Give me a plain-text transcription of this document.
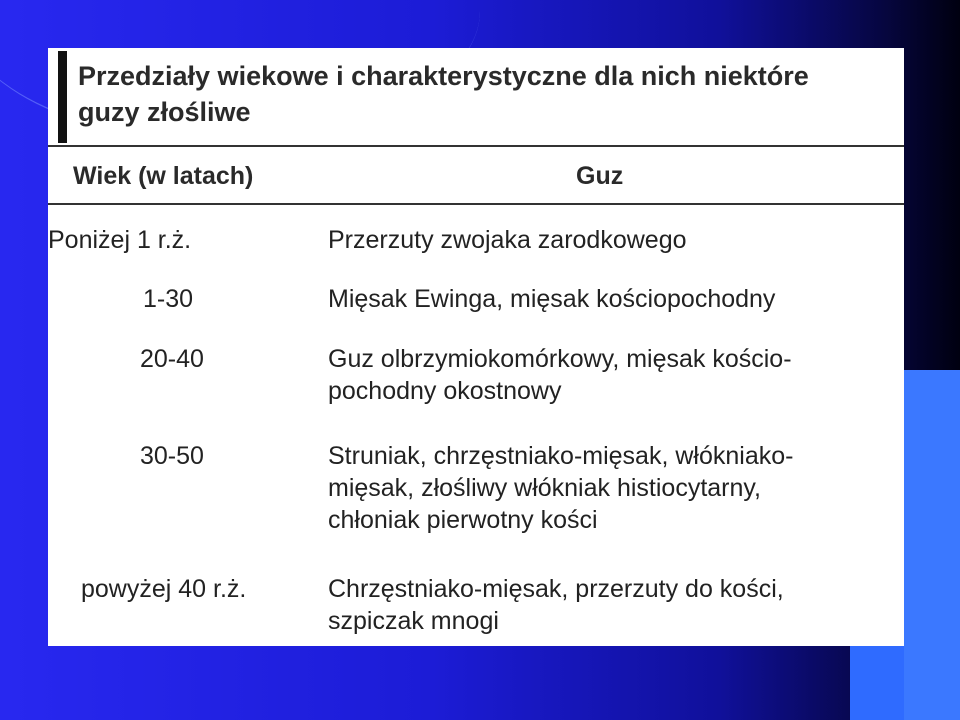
Przedziały wiekowe i charakterystyczne dla nich niektóre
guzy złośliwe
Wiek (w latach)	Guz
Poniżej 1 r.ż.	Przerzuty zwojaka zarodkowego
1-30	Mięsak Ewinga, mięsak kościopochodny
20-40	Guz olbrzymiokomórkowy, mięsak kościo-
pochodny okostnowy
30-50	Struniak, chrzęstniako-mięsak, włókniako-
mięsak, złośliwy włókniak histiocytarny,
chłoniak pierwotny kości
powyżej 40 r.ż.	Chrzęstniako-mięsak, przerzuty do kości,
szpiczak mnogi
